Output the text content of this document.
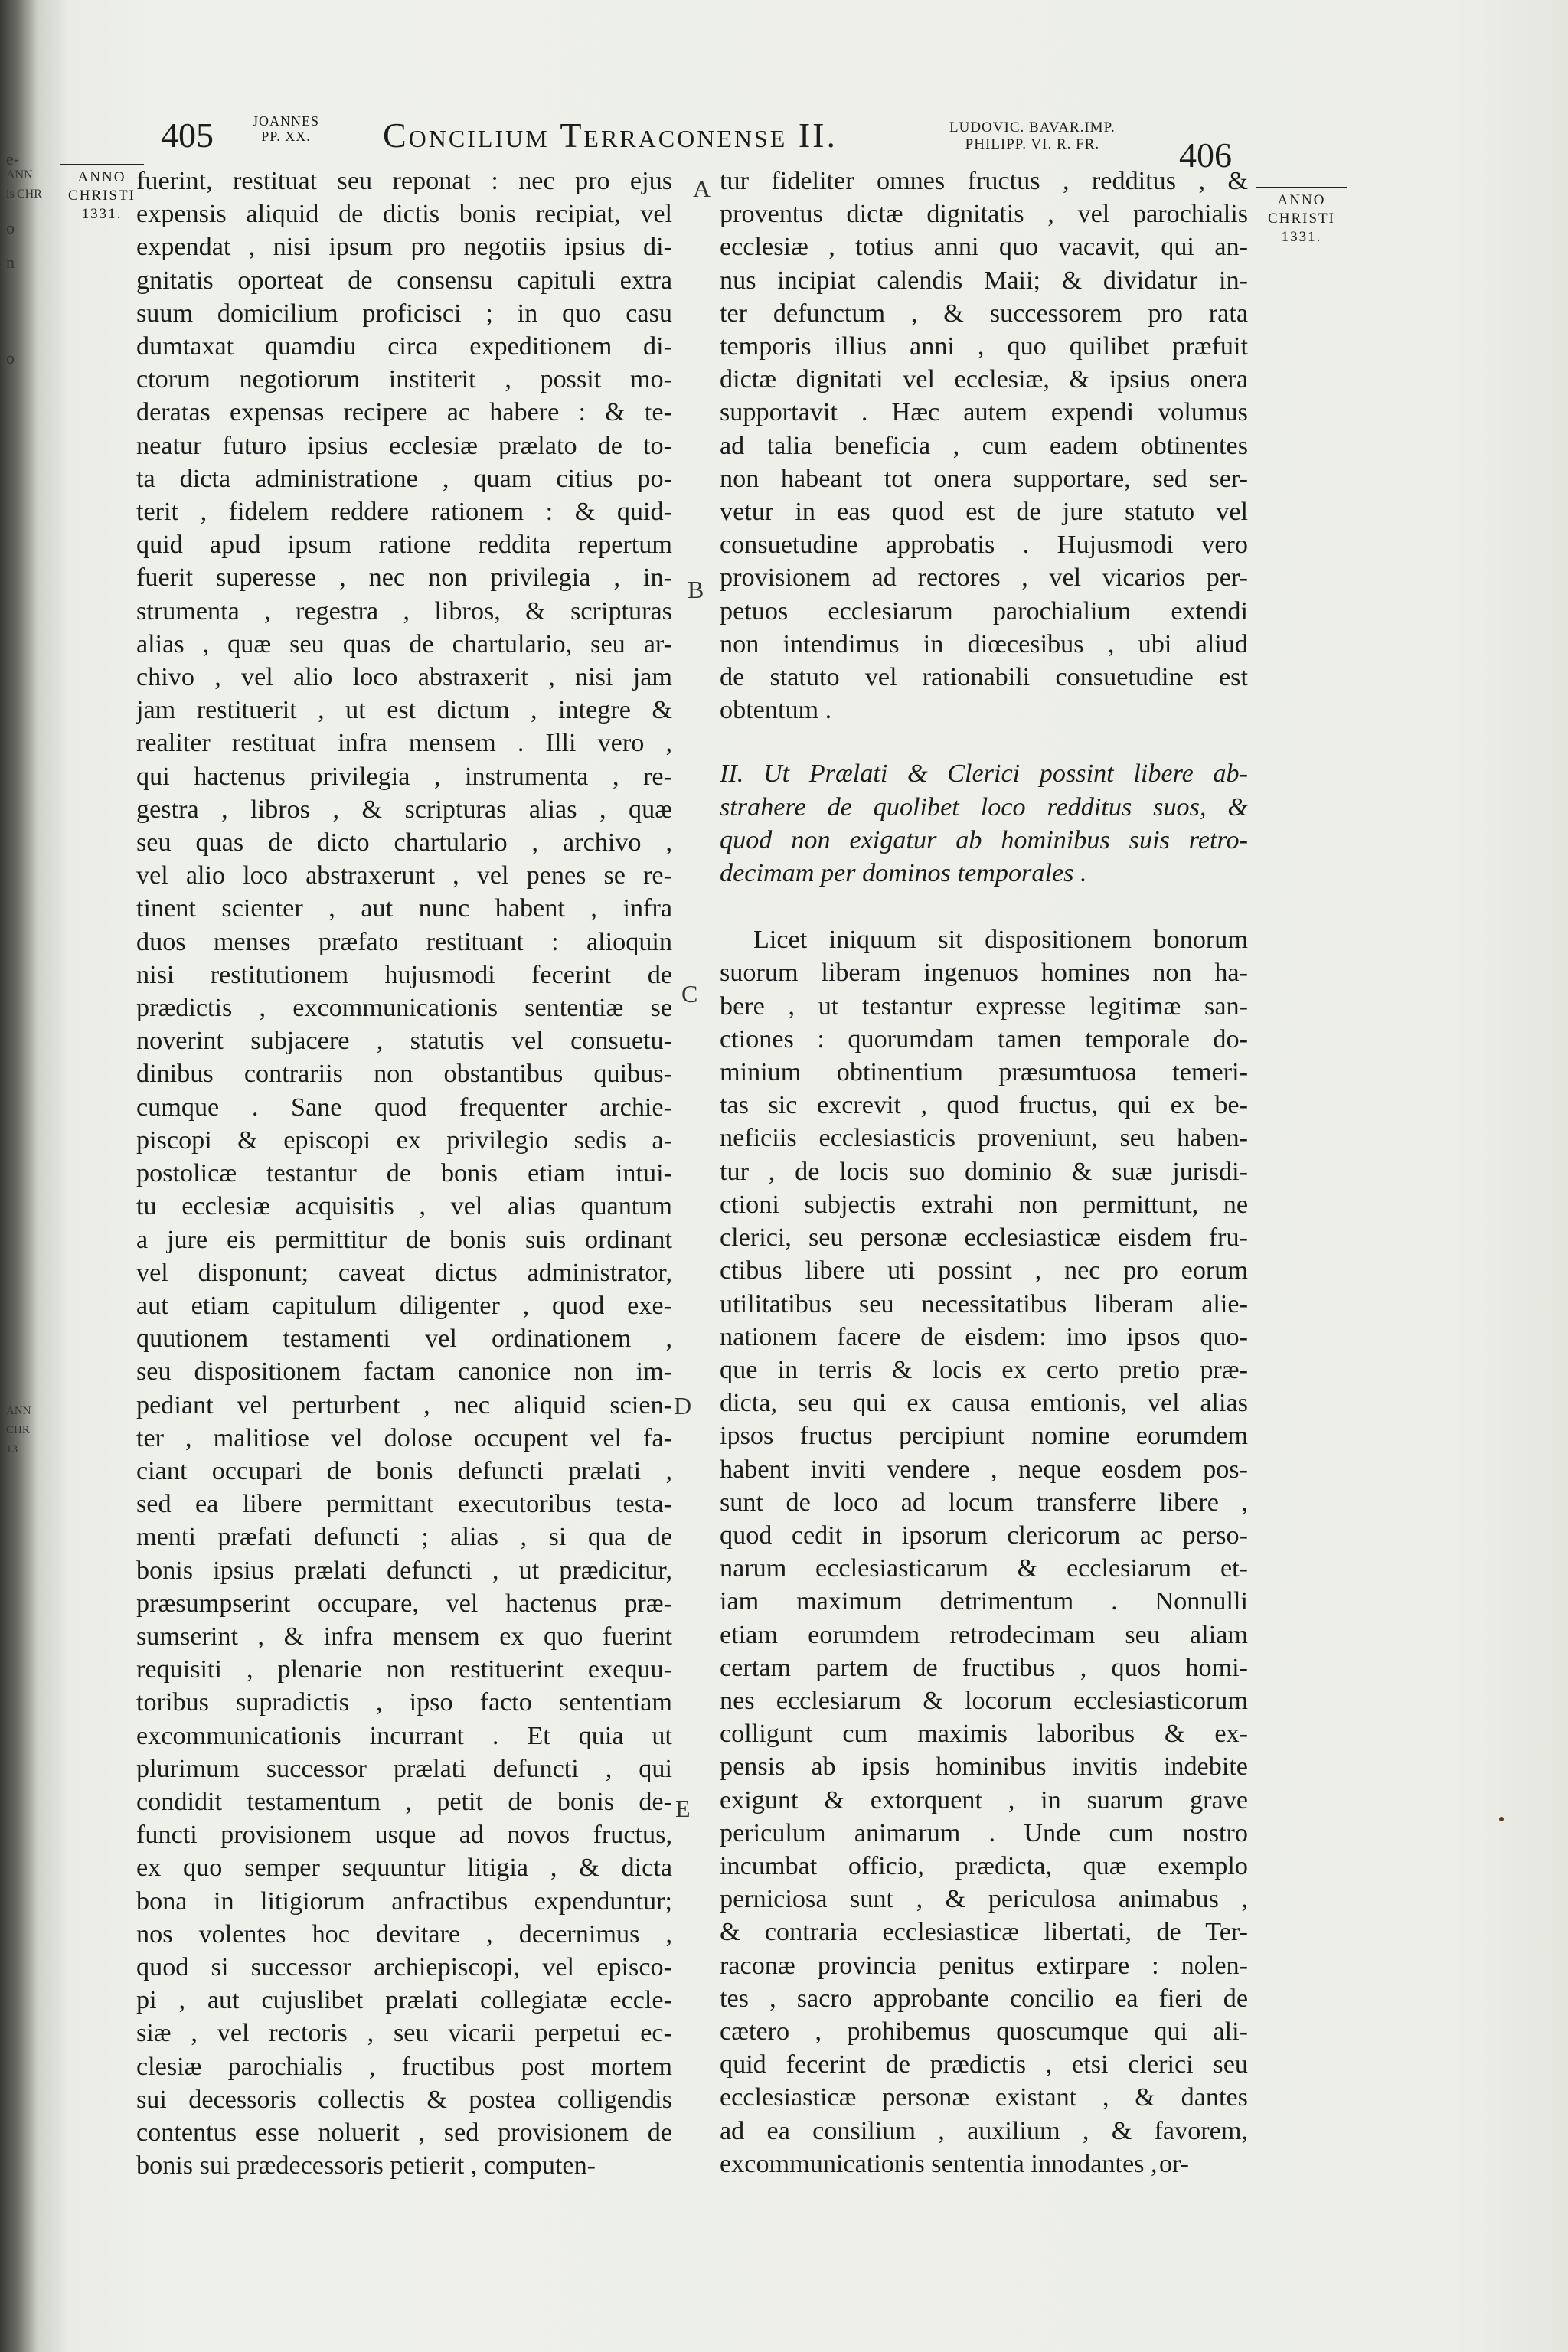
e-
ANN
is CHR
o
n
o
ANN
CHR
13
405	JOANNES
PP. XX. Concilium Terraconense II.	LUDOVIC. BAVAR.IMP.
PHILIPP. VI. R. FR.	406
ANNO
CHRISTI
1331.
ANNO
CHRISTI
1331.
A
B
C
D
E
fuerint, restituat seu reponat : nec pro ejus
expensis aliquid de dictis bonis recipiat, vel
expendat , nisi ipsum pro negotiis ipsius di-
gnitatis oporteat de consensu capituli extra
suum domicilium proficisci ; in quo casu
dumtaxat quamdiu circa expeditionem di-
ctorum negotiorum institerit , possit mo-
deratas expensas recipere ac habere : & te-
neatur futuro ipsius ecclesiæ prælato de to-
ta dicta administratione , quam citius po-
terit , fidelem reddere rationem : & quid-
quid apud ipsum ratione reddita repertum
fuerit superesse , nec non privilegia , in-
strumenta , regestra , libros, & scripturas
alias , quæ seu quas de chartulario, seu ar-
chivo , vel alio loco abstraxerit , nisi jam
jam restituerit , ut est dictum , integre &
realiter restituat infra mensem . Illi vero ,
qui hactenus privilegia , instrumenta , re-
gestra , libros , & scripturas alias , quæ
seu quas de dicto chartulario , archivo ,
vel alio loco abstraxerunt , vel penes se re-
tinent scienter , aut nunc habent , infra
duos menses præfato restituant : alioquin
nisi restitutionem hujusmodi fecerint de
prædictis , excommunicationis sententiæ se
noverint subjacere , statutis vel consuetu-
dinibus contrariis non obstantibus quibus-
cumque . Sane quod frequenter archie-
piscopi & episcopi ex privilegio sedis a-
postolicæ testantur de bonis etiam intui-
tu ecclesiæ acquisitis , vel alias quantum
a jure eis permittitur de bonis suis ordinant
vel disponunt; caveat dictus administrator,
aut etiam capitulum diligenter , quod exe-
quutionem testamenti vel ordinationem ,
seu dispositionem factam canonice non im-
pediant vel perturbent , nec aliquid scien-
ter , malitiose vel dolose occupent vel fa-
ciant occupari de bonis defuncti prælati ,
sed ea libere permittant executoribus testa-
menti præfati defuncti ; alias , si qua de
bonis ipsius prælati defuncti , ut prædicitur,
præsumpserint occupare, vel hactenus præ-
sumserint , & infra mensem ex quo fuerint
requisiti , plenarie non restituerint exequu-
toribus supradictis , ipso facto sententiam
excommunicationis incurrant . Et quia ut
plurimum successor prælati defuncti , qui
condidit testamentum , petit de bonis de-
functi provisionem usque ad novos fructus,
ex quo semper sequuntur litigia , & dicta
bona in litigiorum anfractibus expenduntur;
nos volentes hoc devitare , decernimus ,
quod si successor archiepiscopi, vel episco-
pi , aut cujuslibet prælati collegiatæ eccle-
siæ , vel rectoris , seu vicarii perpetui ec-
clesiæ parochialis , fructibus post mortem
sui decessoris collectis & postea colligendis
contentus esse noluerit , sed provisionem de
bonis sui prædecessoris petierit , computen-
tur fideliter omnes fructus , redditus , &
proventus dictæ dignitatis , vel parochialis
ecclesiæ , totius anni quo vacavit, qui an-
nus incipiat calendis Maii; & dividatur in-
ter defunctum , & successorem pro rata
temporis illius anni , quo quilibet præfuit
dictæ dignitati vel ecclesiæ, & ipsius onera
supportavit . Hæc autem expendi volumus
ad talia beneficia , cum eadem obtinentes
non habeant tot onera supportare, sed ser-
vetur in eas quod est de jure statuto vel
consuetudine approbatis . Hujusmodi vero
provisionem ad rectores , vel vicarios per-
petuos ecclesiarum parochialium extendi
non intendimus in diœcesibus , ubi aliud
de statuto vel rationabili consuetudine est
obtentum .
II. Ut Prælati & Clerici possint libere ab-
strahere de quolibet loco redditus suos, &
quod non exigatur ab hominibus suis retro-
decimam per dominos temporales .
Licet iniquum sit dispositionem bonorum
suorum liberam ingenuos homines non ha-
bere , ut testantur expresse legitimæ san-
ctiones : quorumdam tamen temporale do-
minium obtinentium præsumtuosa temeri-
tas sic excrevit , quod fructus, qui ex be-
neficiis ecclesiasticis proveniunt, seu haben-
tur , de locis suo dominio & suæ jurisdi-
ctioni subjectis extrahi non permittunt, ne
clerici, seu personæ ecclesiasticæ eisdem fru-
ctibus libere uti possint , nec pro eorum
utilitatibus seu necessitatibus liberam alie-
nationem facere de eisdem: imo ipsos quo-
que in terris & locis ex certo pretio præ-
dicta, seu qui ex causa emtionis, vel alias
ipsos fructus percipiunt nomine eorumdem
habent inviti vendere , neque eosdem pos-
sunt de loco ad locum transferre libere ,
quod cedit in ipsorum clericorum ac perso-
narum ecclesiasticarum & ecclesiarum et-
iam maximum detrimentum . Nonnulli
etiam eorumdem retrodecimam seu aliam
certam partem de fructibus , quos homi-
nes ecclesiarum & locorum ecclesiasticorum
colligunt cum maximis laboribus & ex-
pensis ab ipsis hominibus invitis indebite
exigunt & extorquent , in suarum grave
periculum animarum . Unde cum nostro
incumbat officio, prædicta, quæ exemplo
perniciosa sunt , & periculosa animabus ,
& contraria ecclesiasticæ libertati, de Ter-
raconæ provincia penitus extirpare : nolen-
tes , sacro approbante concilio ea fieri de
cætero , prohibemus quoscumque qui ali-
quid fecerint de prædictis , etsi clerici seu
ecclesiasticæ personæ existant , & dantes
ad ea consilium , auxilium , & favorem,
excommunicationis sententia innodantes , or-
